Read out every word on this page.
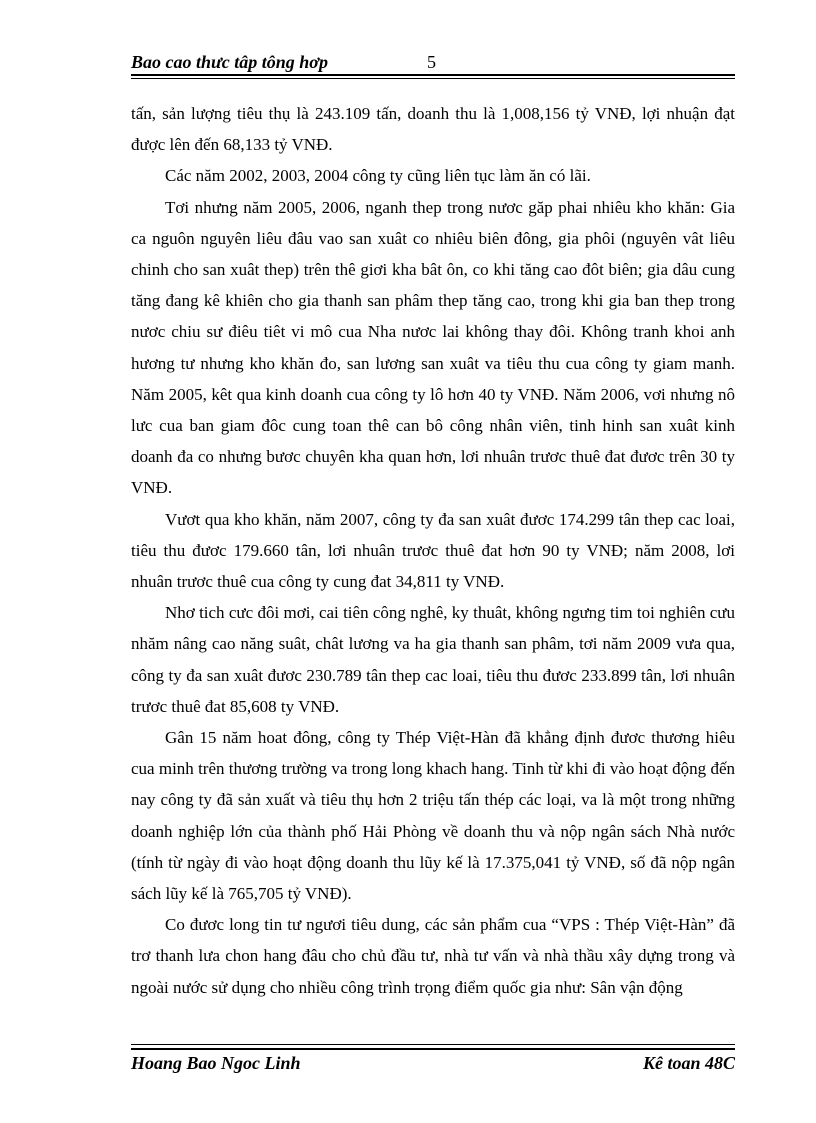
Bao cao thưc tâp tông hơp	5

tấn, sản lượng tiêu thụ là 243.109 tấn, doanh thu là 1,008,156 tỷ VNĐ, lợi nhuận đạt được lên đến 68,133 tỷ VNĐ.

Các năm 2002, 2003, 2004 công ty cũng liên tục làm ăn có lãi.

Tơi nhưng năm 2005, 2006, nganh thep trong nươc găp phai nhiêu kho khăn: Gia ca nguôn nguyên liêu đâu vao san xuât co nhiêu biên đông, gia phôi (nguyên vât liêu chinh cho san xuât thep) trên thê giơi kha bât ôn, co khi tăng cao đôt biên; gia dâu cung tăng đang kê khiên cho gia thanh san phâm thep tăng cao, trong khi gia ban thep trong nươc chiu sư điêu tiêt vi mô cua Nha nươc lai không thay đôi. Không tranh khoi anh hương tư nhưng kho khăn đo, san lương san xuât va tiêu thu cua công ty giam manh. Năm 2005, kêt qua kinh doanh cua công ty lô hơn 40 ty VNĐ. Năm 2006, vơi nhưng nô lưc cua ban giam đôc cung toan thê can bô công nhân viên, tinh hinh san xuât kinh doanh đa co nhưng bươc chuyên kha quan hơn, lơi nhuân trươc thuê đat đươc trên 30 ty VNĐ.

Vươt qua kho khăn, năm 2007, công ty đa san xuât đươc 174.299 tân thep cac loai, tiêu thu đươc 179.660 tân, lơi nhuân trươc thuê đat hơn 90 ty VNĐ; năm 2008, lơi nhuân trươc thuê cua công ty cung đat 34,811 ty VNĐ.

Nhơ tich cưc đôi mơi, cai tiên công nghê, ky thuât, không ngưng tim toi nghiên cưu nhăm nâng cao năng suât, chât lương va ha gia thanh san phâm, tơi năm 2009 vưa qua, công ty đa san xuât đươc 230.789 tân thep cac loai, tiêu thu đươc 233.899 tân, lơi nhuân trươc thuê đat 85,608 ty VNĐ.

Gân 15 năm hoat đông, công ty Thép Việt-Hàn đã khẳng định đươc thương hiêu cua minh trên thương trường va trong long khach hang. Tinh từ khi đi vào hoạt động đến nay công ty đã sản xuất và tiêu thụ hơn 2 triệu tấn thép các loại, va là một trong những doanh nghiệp lớn của thành phố Hải Phòng về doanh thu và nộp ngân sách Nhà nước (tính từ ngày đi vào hoạt động doanh thu lũy kế là 17.375,041 tỷ VNĐ, số đã nộp ngân sách lũy kế là 765,705 tỷ VNĐ).

Co đươc long tin tư ngươi tiêu dung, các sản phẩm cua “VPS : Thép Việt-Hàn” đã trơ thanh lưa chon hang đâu cho chủ đầu tư, nhà tư vấn và nhà thầu xây dựng trong và ngoài nước sử dụng cho nhiều công trình trọng điểm quốc gia như: Sân vận động

Hoang Bao Ngoc Linh	Kê toan 48C
